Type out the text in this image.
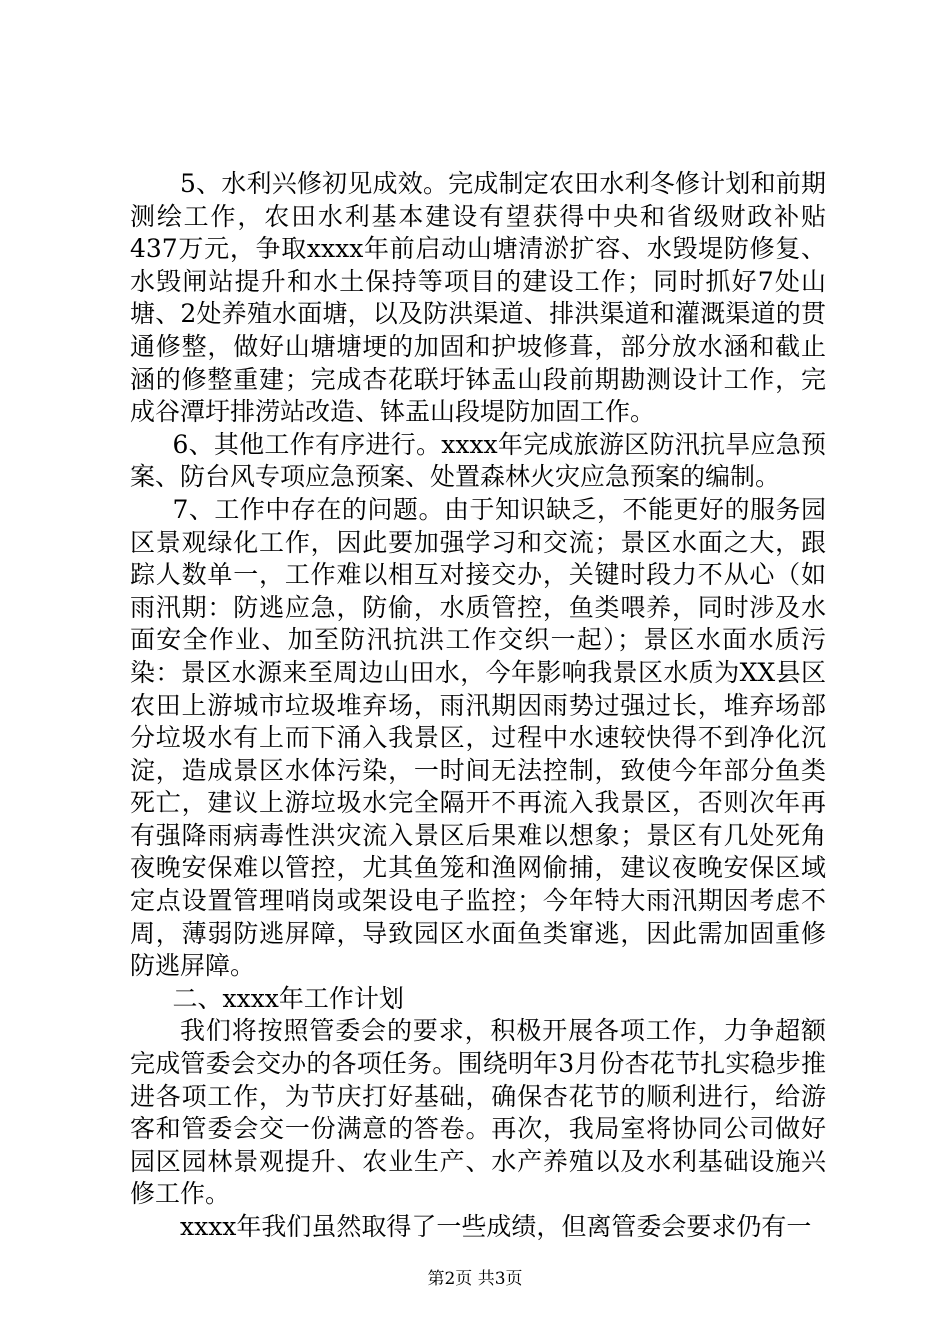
5、水利兴修初见成效。完成制定农田水利冬修计划和前期测绘工作，农田水利基本建设有望获得中央和省级财政补贴437万元，争取xxxx年前启动山塘清淤扩容、水毁堤防修复、水毁闸站提升和水土保持等项目的建设工作；同时抓好7处山塘、2处养殖水面塘，以及防洪渠道、排洪渠道和灌溉渠道的贯通修整，做好山塘塘埂的加固和护坡修葺，部分放水涵和截止涵的修整重建；完成杏花联圩钵盂山段前期勘测设计工作，完成谷潭圩排涝站改造、钵盂山段堤防加固工作。

6、其他工作有序进行。xxxx年完成旅游区防汛抗旱应急预案、防台风专项应急预案、处置森林火灾应急预案的编制。

7、工作中存在的问题。由于知识缺乏，不能更好的服务园区景观绿化工作，因此要加强学习和交流；景区水面之大，跟踪人数单一，工作难以相互对接交办，关键时段力不从心（如雨汛期：防逃应急，防偷，水质管控，鱼类喂养，同时涉及水面安全作业、加至防汛抗洪工作交织一起）；景区水面水质污染：景区水源来至周边山田水，今年影响我景区水质为XX县区农田上游城市垃圾堆弃场，雨汛期因雨势过强过长，堆弃场部分垃圾水有上而下涌入我景区，过程中水速较快得不到净化沉淀，造成景区水体污染，一时间无法控制，致使今年部分鱼类死亡，建议上游垃圾水完全隔开不再流入我景区，否则次年再有强降雨病毒性洪灾流入景区后果难以想象；景区有几处死角夜晚安保难以管控，尤其鱼笼和渔网偷捕，建议夜晚安保区域定点设置管理哨岗或架设电子监控；今年特大雨汛期因考虑不周，薄弱防逃屏障，导致园区水面鱼类窜逃，因此需加固重修防逃屏障。

二、xxxx年工作计划

我们将按照管委会的要求，积极开展各项工作，力争超额完成管委会交办的各项任务。围绕明年3月份杏花节扎实稳步推进各项工作，为节庆打好基础，确保杏花节的顺利进行，给游客和管委会交一份满意的答卷。再次，我局室将协同公司做好园区园林景观提升、农业生产、水产养殖以及水利基础设施兴修工作。

xxxx年我们虽然取得了一些成绩，但离管委会要求仍有一

第2页 共3页
